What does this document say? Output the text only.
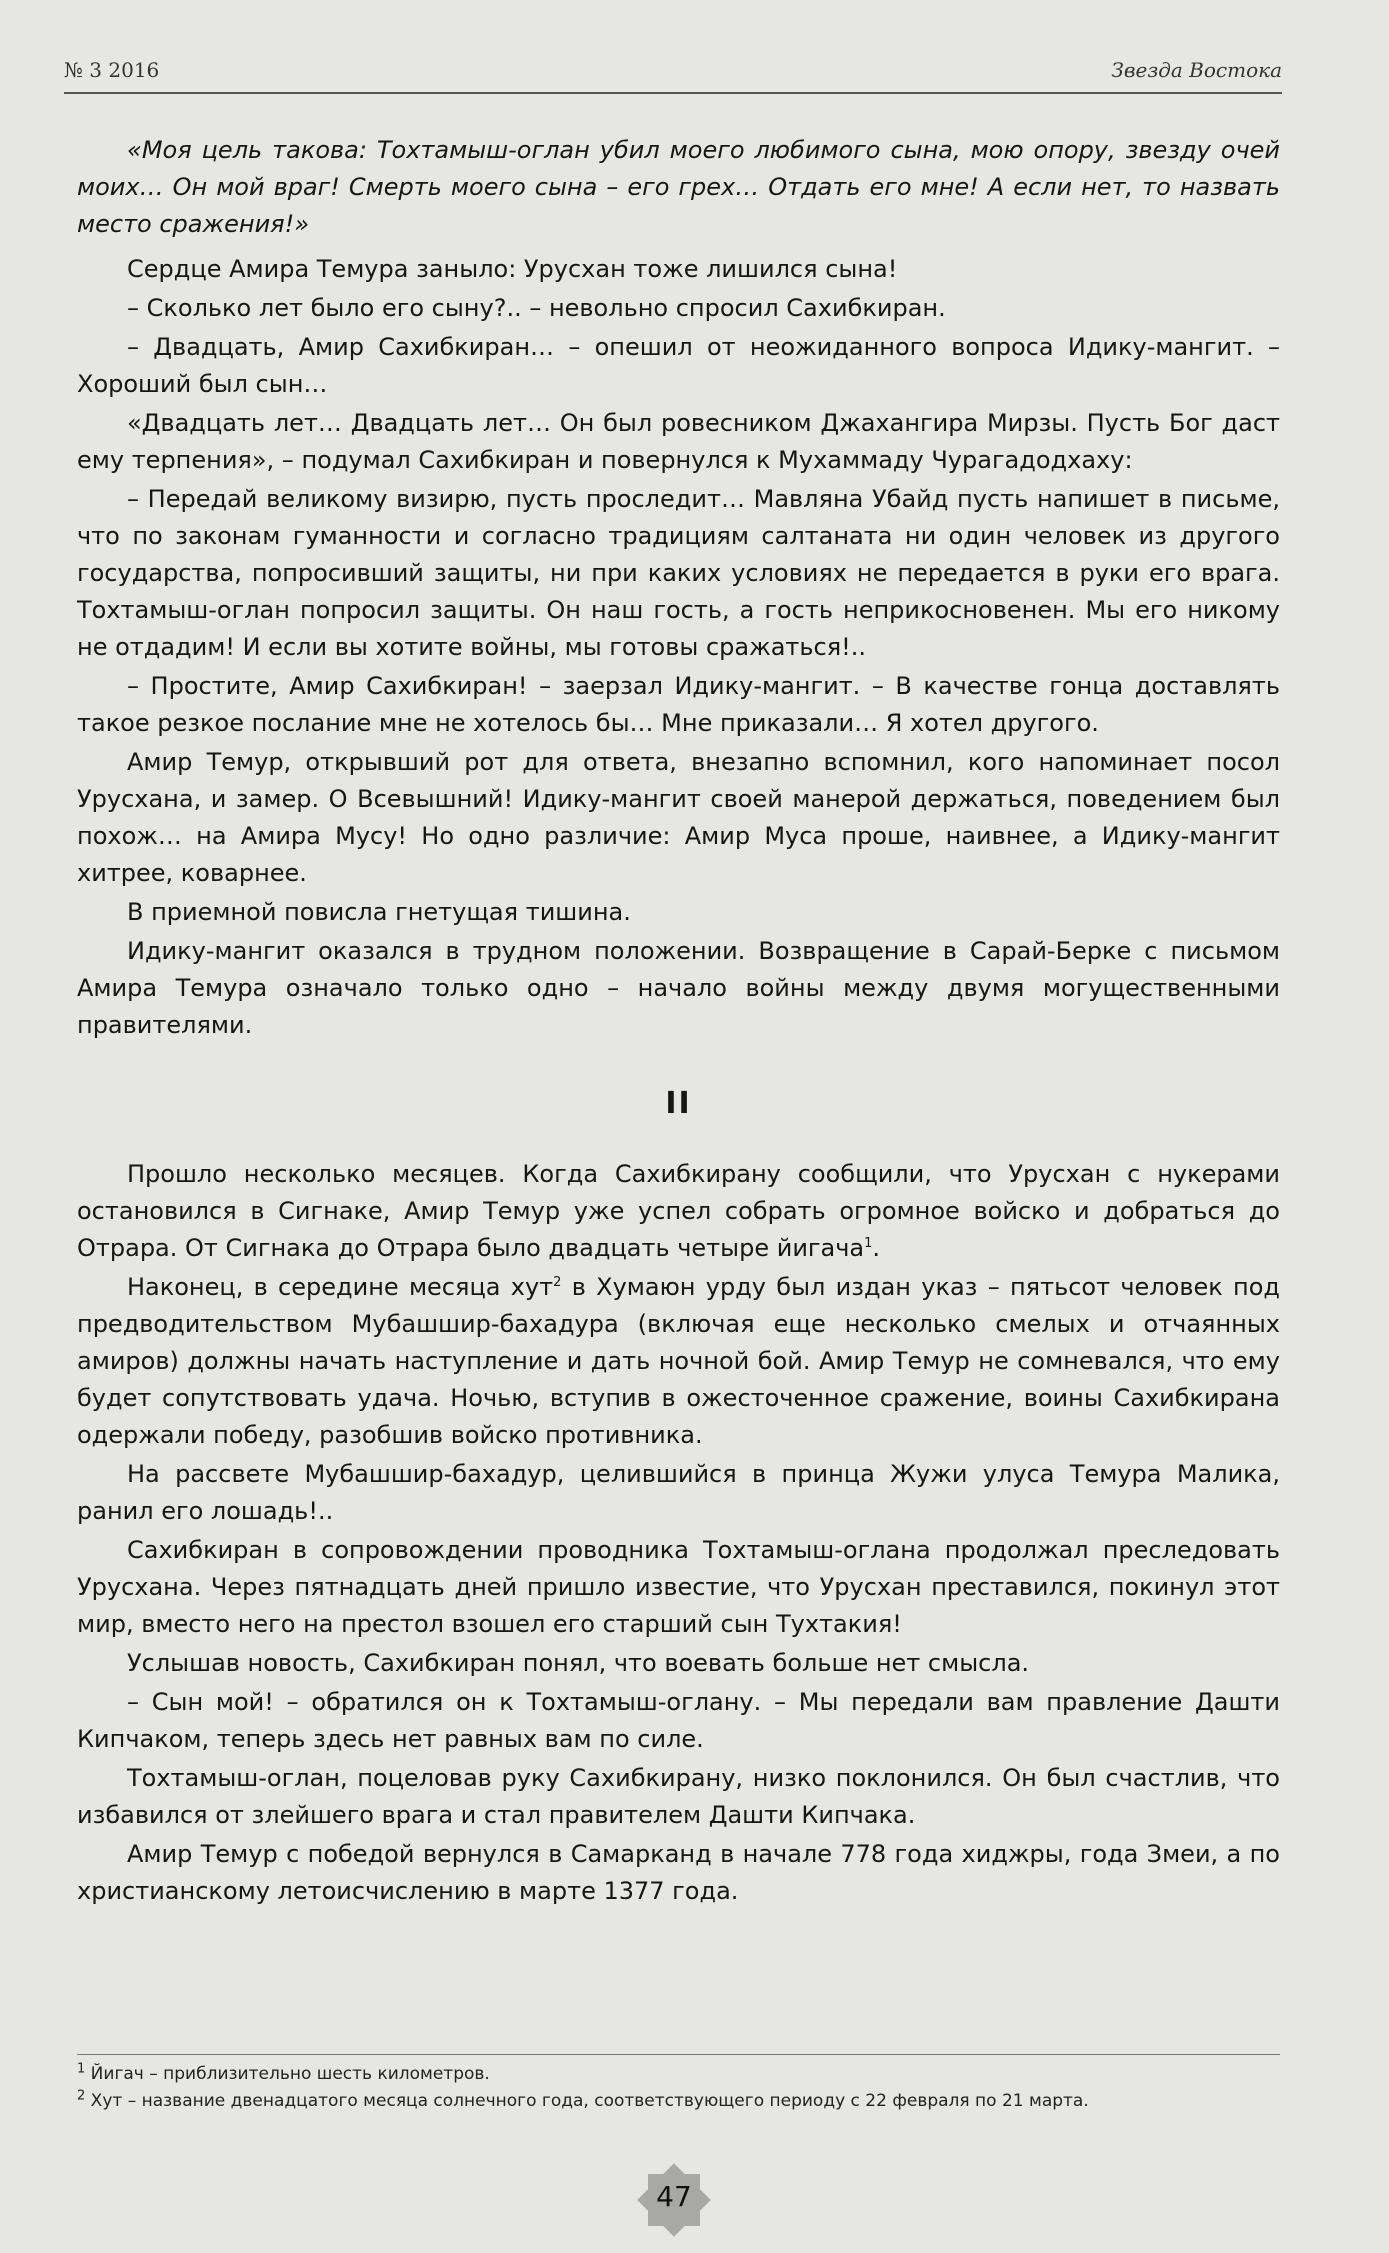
№ 3 2016	Звезда Востока

«Моя цель такова: Тохтамыш-оглан убил моего любимого сына, мою опору, звезду очей моих… Он мой враг! Смерть моего сына – его грех… Отдать его мне! А если нет, то назвать место сражения!»

Сердце Амира Темура заныло: Урусхан тоже лишился сына!

– Сколько лет было его сыну?.. – невольно спросил Сахибкиран.

– Двадцать, Амир Сахибкиран… – опешил от неожиданного вопроса Идику-мангит. – Хороший был сын…

«Двадцать лет… Двадцать лет… Он был ровесником Джахангира Мирзы. Пусть Бог даст ему терпения», – подумал Сахибкиран и повернулся к Мухаммаду Чурагадодхаху:

– Передай великому визирю, пусть проследит… Мавляна Убайд пусть напишет в письме, что по законам гуманности и согласно традициям салтаната ни один человек из другого государства, попросивший защиты, ни при каких условиях не передается в руки его врага. Тохтамыш-оглан попросил защиты. Он наш гость, а гость неприкосновенен. Мы его никому не отдадим! И если вы хотите войны, мы готовы сражаться!..

– Простите, Амир Сахибкиран! – заерзал Идику-мангит. – В качестве гонца доставлять такое резкое послание мне не хотелось бы… Мне приказали… Я хотел другого.

Амир Темур, открывший рот для ответа, внезапно вспомнил, кого напоминает посол Урусхана, и замер. О Всевышний! Идику-мангит своей манерой держаться, поведением был похож… на Амира Мусу! Но одно различие: Амир Муса проше, наивнее, а Идику-мангит хитрее, коварнее.

В приемной повисла гнетущая тишина.

Идику-мангит оказался в трудном положении. Возвращение в Сарай-Берке с письмом Амира Темура означало только одно – начало войны между двумя могущественными правителями.

II

Прошло несколько месяцев. Когда Сахибкирану сообщили, что Урусхан с нукерами остановился в Сигнаке, Амир Темур уже успел собрать огромное войско и добраться до Отрара. От Сигнака до Отрара было двадцать четыре йигача$^1$.

Наконец, в середине месяца хут$^2$ в Хумаюн урду был издан указ – пятьсот человек под предводительством Мубашшир-бахадура (включая еще несколько смелых и отчаянных амиров) должны начать наступление и дать ночной бой. Амир Темур не сомневался, что ему будет сопутствовать удача. Ночью, вступив в ожесточенное сражение, воины Сахибкирана одержали победу, разобшив войско противника.

На рассвете Мубашшир-бахадур, целившийся в принца Жужи улуса Темура Малика, ранил его лошадь!..

Сахибкиран в сопровождении проводника Тохтамыш-оглана продолжал преследовать Урусхана. Через пятнадцать дней пришло известие, что Урусхан преставился, покинул этот мир, вместо него на престол взошел его старший сын Тухтакия!

Услышав новость, Сахибкиран понял, что воевать больше нет смысла.

– Сын мой! – обратился он к Тохтамыш-оглану. – Мы передали вам правление Дашти Кипчаком, теперь здесь нет равных вам по силе.

Тохтамыш-оглан, поцеловав руку Сахибкирану, низко поклонился. Он был счастлив, что избавился от злейшего врага и стал правителем Дашти Кипчака.

Амир Темур с победой вернулся в Самарканд в начале 778 года хиджры, года Змеи, а по христианскому летоисчислению в марте 1377 года.

$^1$ Йигач – приблизительно шесть километров.

$^2$ Хут – название двенадцатого месяца солнечного года, соответствующего периоду с 22 февраля по 21 марта.

47
